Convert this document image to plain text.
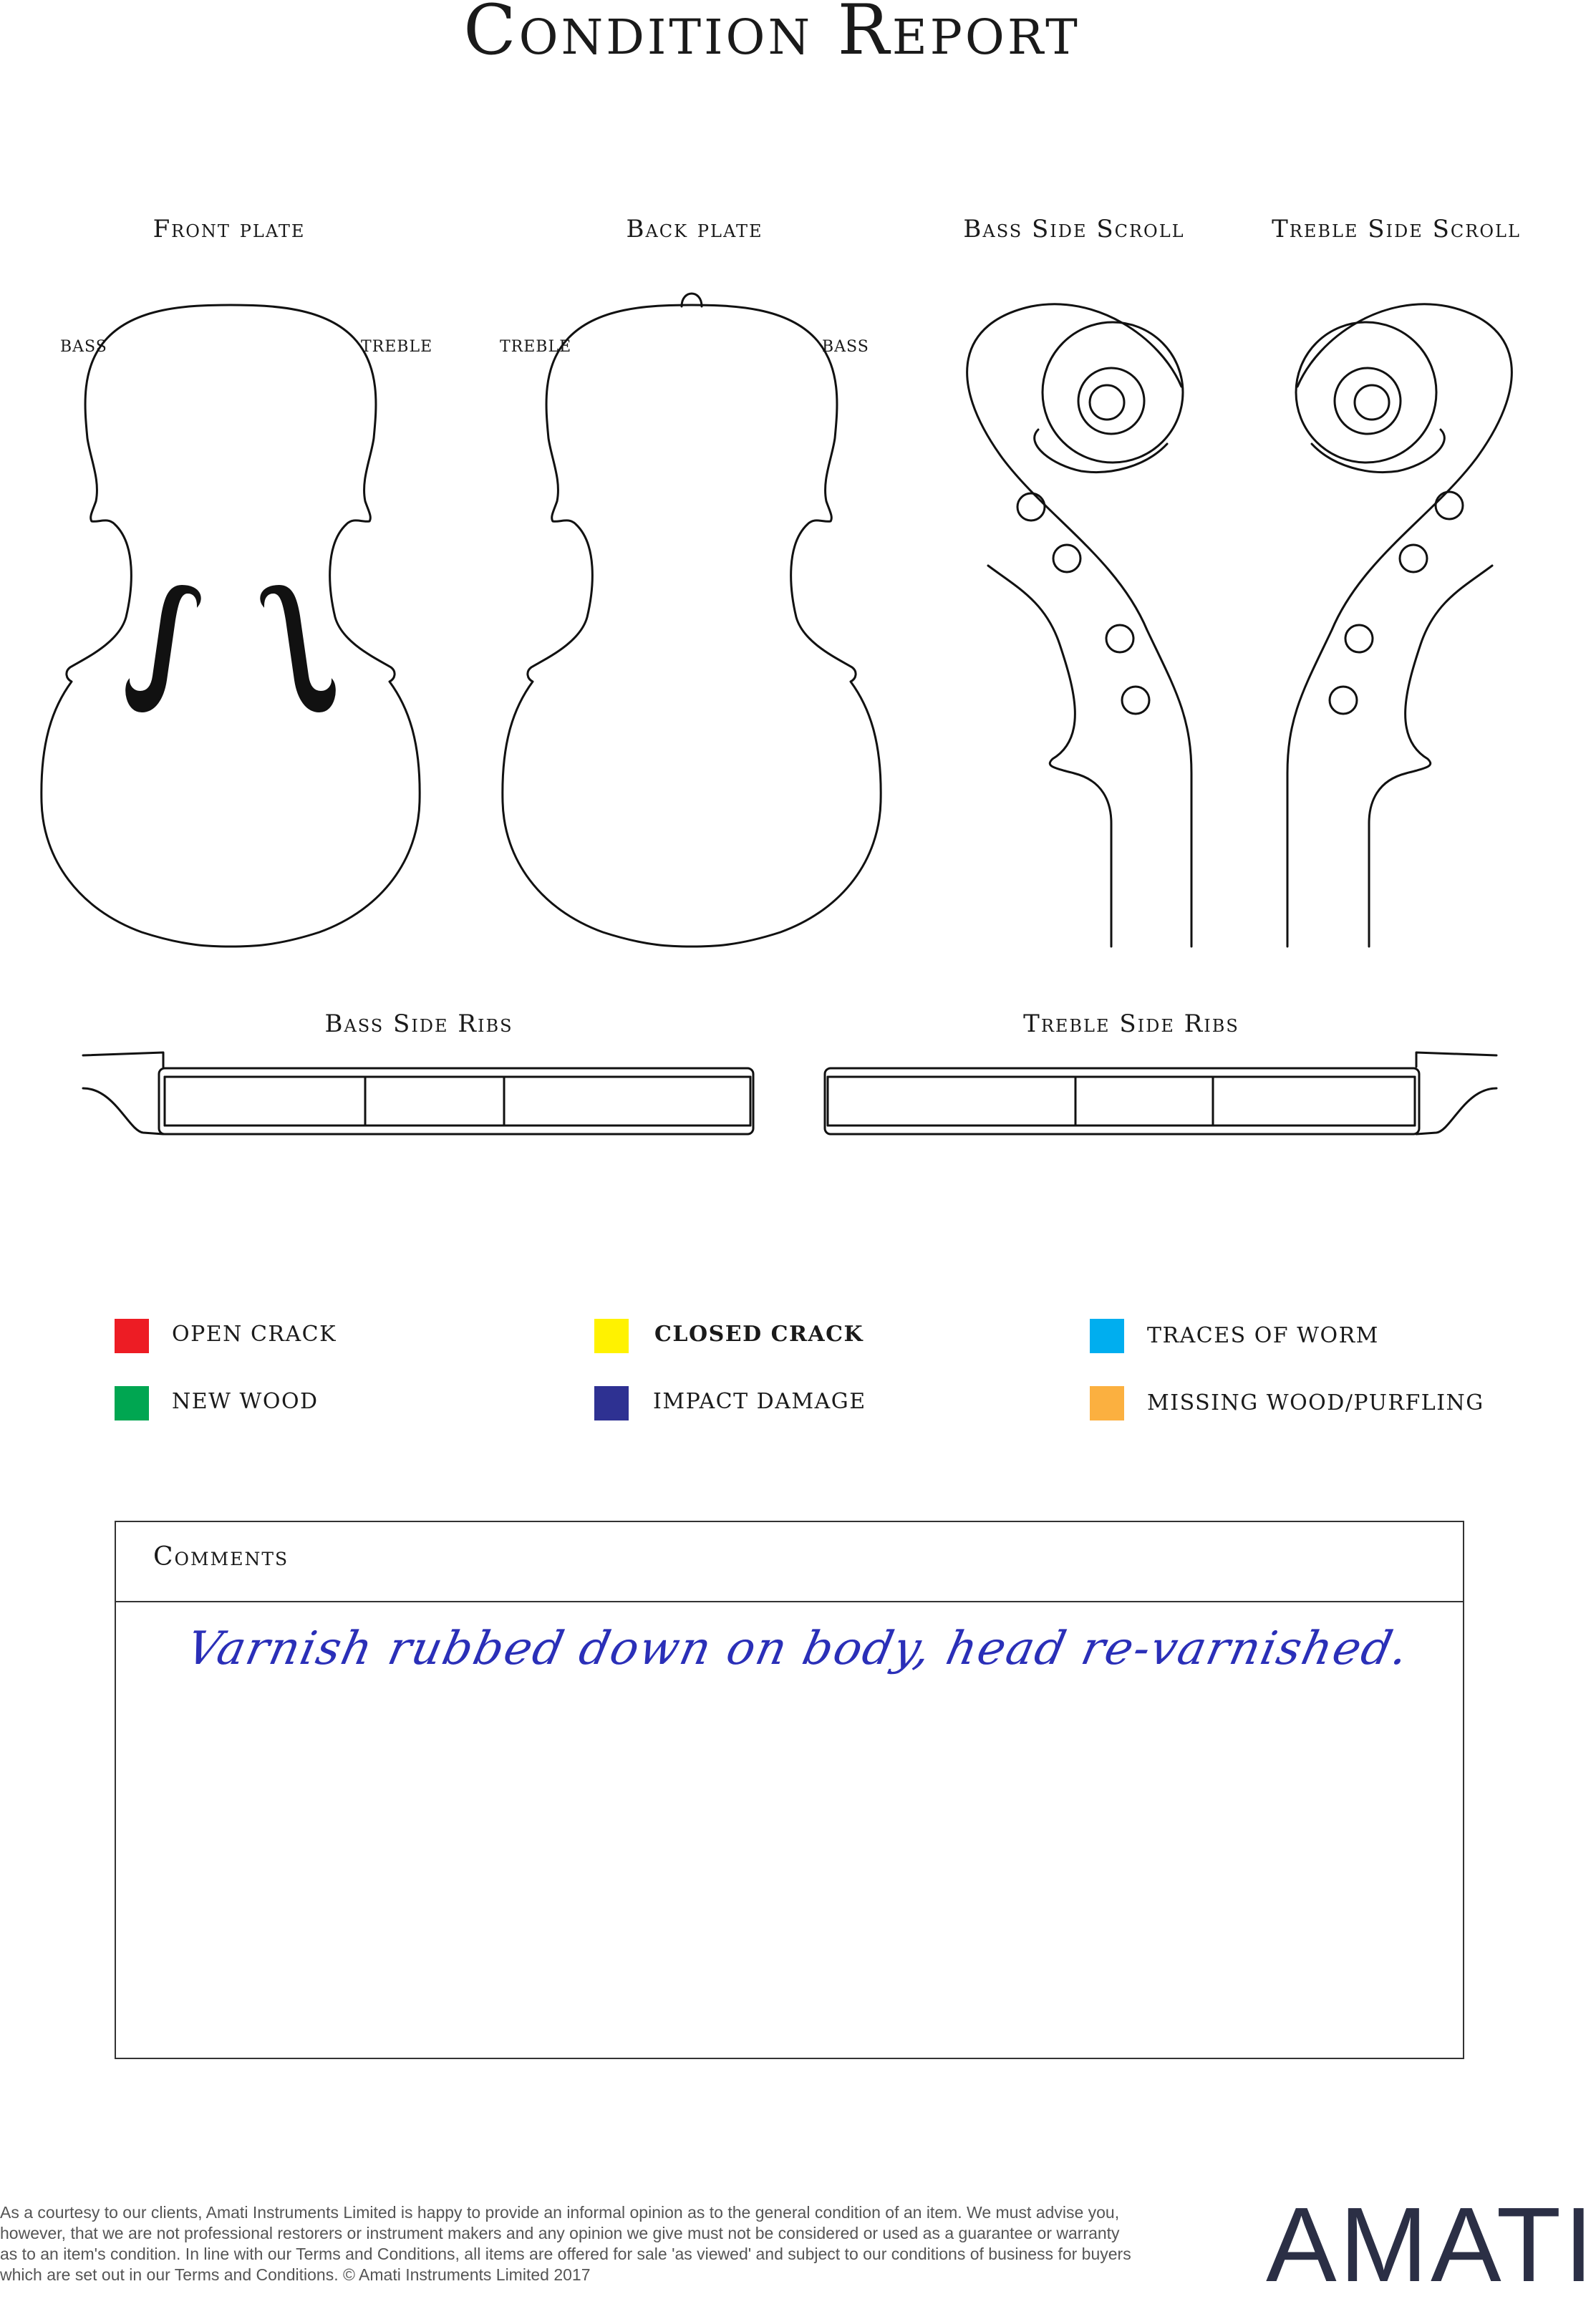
Condition Report
Front plate	Back plate	Bass Side Scroll	Treble Side Scroll
Bass Side Ribs	Treble Side Ribs
BASS	TREBLE	TREBLE	BASS
OPEN CRACK	CLOSED CRACK	TRACES OF WORM
NEW WOOD	IMPACT DAMAGE	MISSING WOOD/PURFLING
Comments
Varnish rubbed down on body, head re-varnished.
As a courtesy to our clients, Amati Instruments Limited is happy to provide an informal opinion as to the general condition of an item. We must advise you, however, that we are not professional restorers or instrument makers and any opinion we give must not be considered or used as a guarantee or warranty as to an item's condition. In line with our Terms and Conditions, all items are offered for sale 'as viewed' and subject to our conditions of business for buyers which are set out in our Terms and Conditions. © Amati Instruments Limited 2017	AMATI
